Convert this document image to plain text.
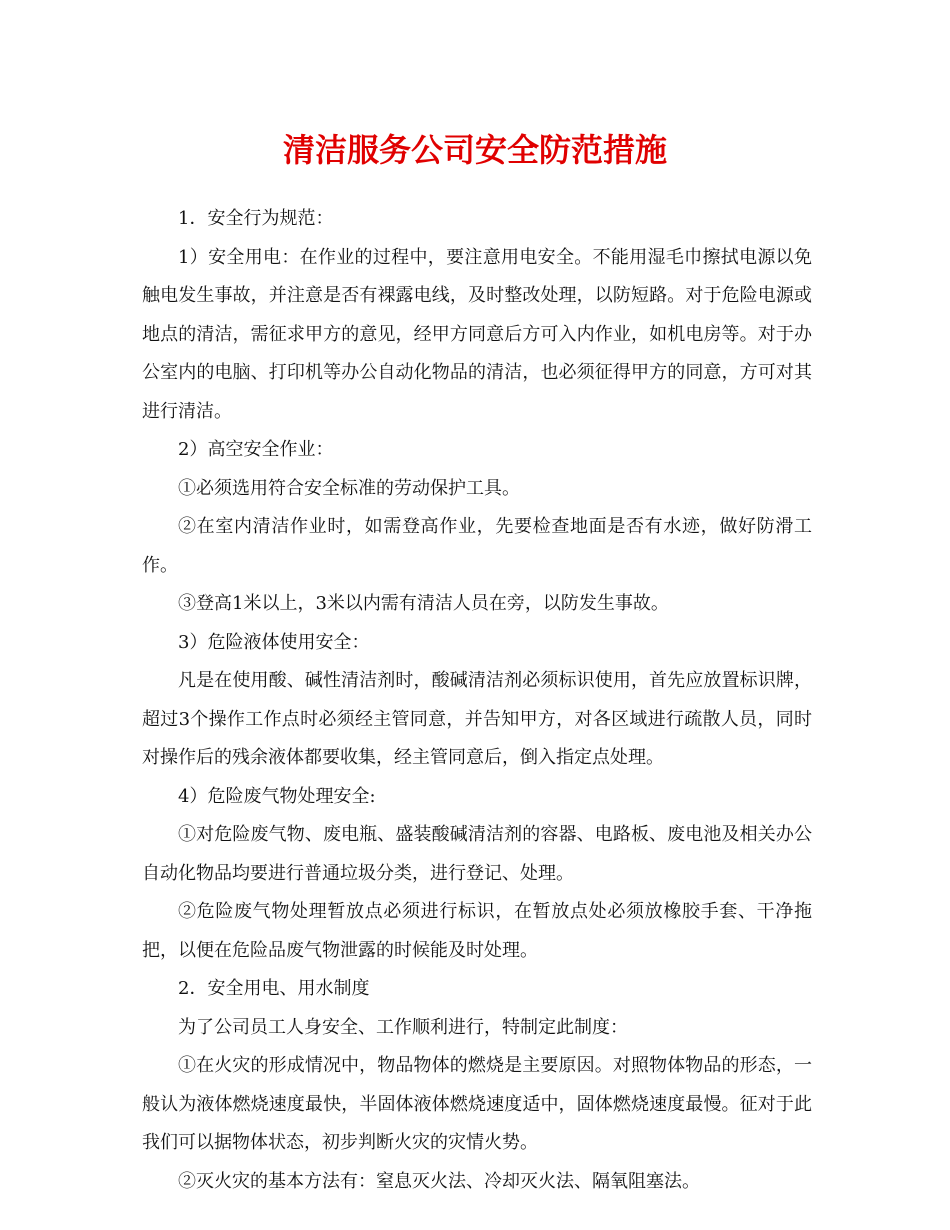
清洁服务公司安全防范措施

1．安全行为规范：

1）安全用电：在作业的过程中，要注意用电安全。不能用湿毛巾擦拭电源以免触电发生事故，并注意是否有裸露电线，及时整改处理，以防短路。对于危险电源或地点的清洁，需征求甲方的意见，经甲方同意后方可入内作业，如机电房等。对于办公室内的电脑、打印机等办公自动化物品的清洁，也必须征得甲方的同意，方可对其进行清洁。

2）高空安全作业：

①必须选用符合安全标准的劳动保护工具。

②在室内清洁作业时，如需登高作业，先要检查地面是否有水迹，做好防滑工作。

③登高1米以上，3米以内需有清洁人员在旁，以防发生事故。

3）危险液体使用安全：

凡是在使用酸、碱性清洁剂时，酸碱清洁剂必须标识使用，首先应放置标识牌，超过3个操作工作点时必须经主管同意，并告知甲方，对各区域进行疏散人员，同时对操作后的残余液体都要收集，经主管同意后，倒入指定点处理。

4）危险废气物处理安全:

①对危险废气物、废电瓶、盛装酸碱清洁剂的容器、电路板、废电池及相关办公自动化物品均要进行普通垃圾分类，进行登记、处理。

②危险废气物处理暂放点必须进行标识，在暂放点处必须放橡胶手套、干净拖把，以便在危险品废气物泄露的时候能及时处理。

2．安全用电、用水制度

为了公司员工人身安全、工作顺利进行，特制定此制度：

①在火灾的形成情况中，物品物体的燃烧是主要原因。对照物体物品的形态，一般认为液体燃烧速度最快，半固体液体燃烧速度适中，固体燃烧速度最慢。征对于此我们可以据物体状态，初步判断火灾的灾情火势。

②灭火灾的基本方法有：窒息灭火法、冷却灭火法、隔氧阻塞法。
